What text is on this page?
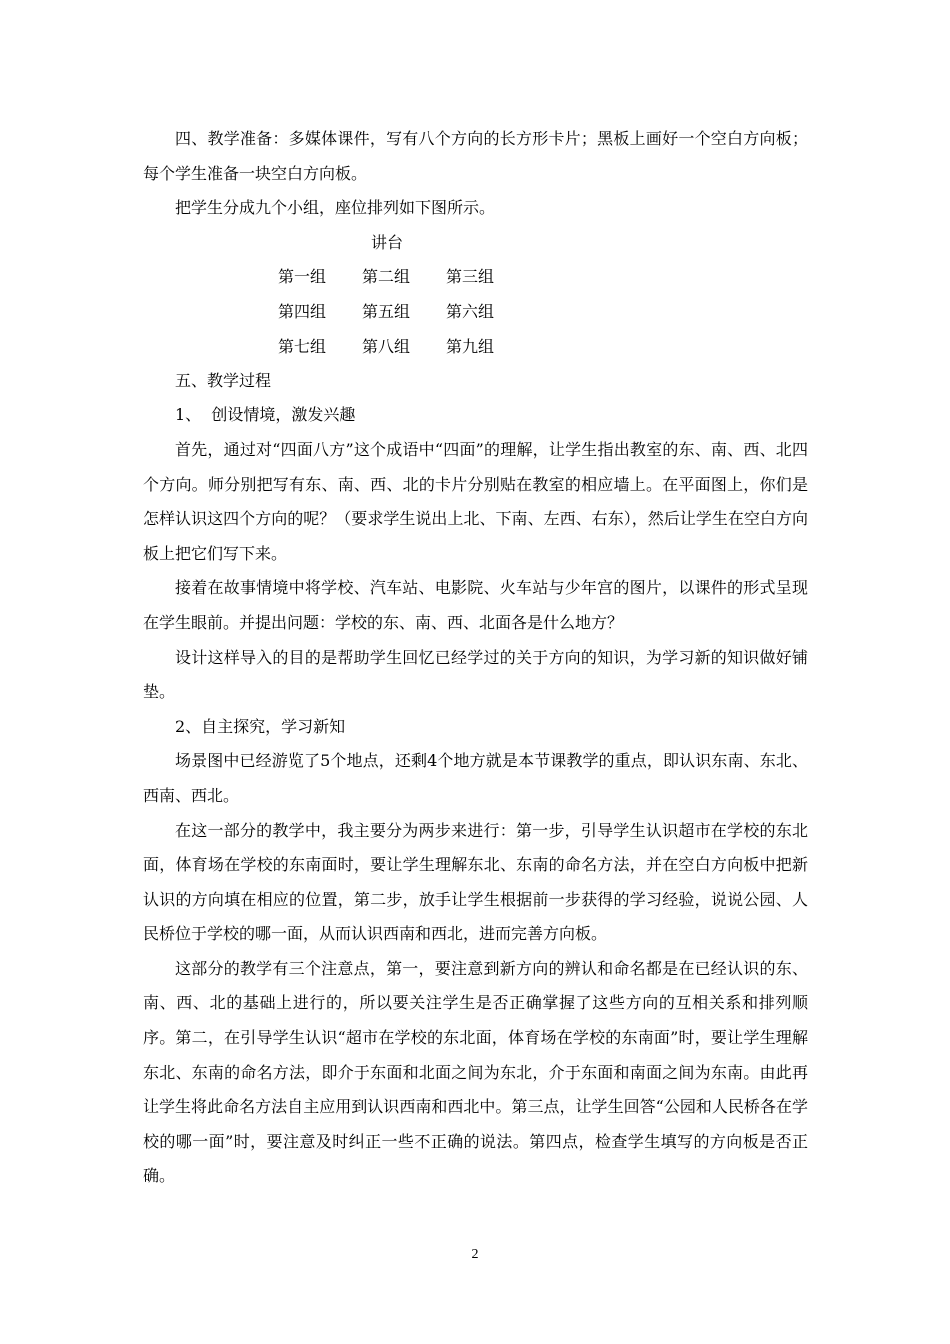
四、教学准备：多媒体课件，写有八个方向的长方形卡片；黑板上画好一个空白方向板；每个学生准备一块空白方向板。

把学生分成九个小组，座位排列如下图所示。

讲台
第一组 第二组 第三组
第四组 第五组 第六组
第七组 第八组 第九组

五、教学过程

1、  创设情境，激发兴趣

首先，通过对“四面八方”这个成语中“四面”的理解，让学生指出教室的东、南、西、北四个方向。师分别把写有东、南、西、北的卡片分别贴在教室的相应墙上。在平面图上，你们是怎样认识这四个方向的呢？（要求学生说出上北、下南、左西、右东），然后让学生在空白方向板上把它们写下来。

接着在故事情境中将学校、汽车站、电影院、火车站与少年宫的图片，以课件的形式呈现在学生眼前。并提出问题：学校的东、南、西、北面各是什么地方？

设计这样导入的目的是帮助学生回忆已经学过的关于方向的知识，为学习新的知识做好铺垫。

2、自主探究，学习新知

场景图中已经游览了5个地点，还剩4个地方就是本节课教学的重点，即认识东南、东北、西南、西北。

在这一部分的教学中，我主要分为两步来进行：第一步，引导学生认识超市在学校的东北面，体育场在学校的东南面时，要让学生理解东北、东南的命名方法，并在空白方向板中把新认识的方向填在相应的位置，第二步，放手让学生根据前一步获得的学习经验，说说公园、人民桥位于学校的哪一面，从而认识西南和西北，进而完善方向板。

这部分的教学有三个注意点，第一，要注意到新方向的辨认和命名都是在已经认识的东、南、西、北的基础上进行的，所以要关注学生是否正确掌握了这些方向的互相关系和排列顺序。第二，在引导学生认识“超市在学校的东北面，体育场在学校的东南面”时，要让学生理解东北、东南的命名方法，即介于东面和北面之间为东北，介于东面和南面之间为东南。由此再让学生将此命名方法自主应用到认识西南和西北中。第三点，让学生回答“公园和人民桥各在学校的哪一面”时，要注意及时纠正一些不正确的说法。第四点，检查学生填写的方向板是否正确。

2
